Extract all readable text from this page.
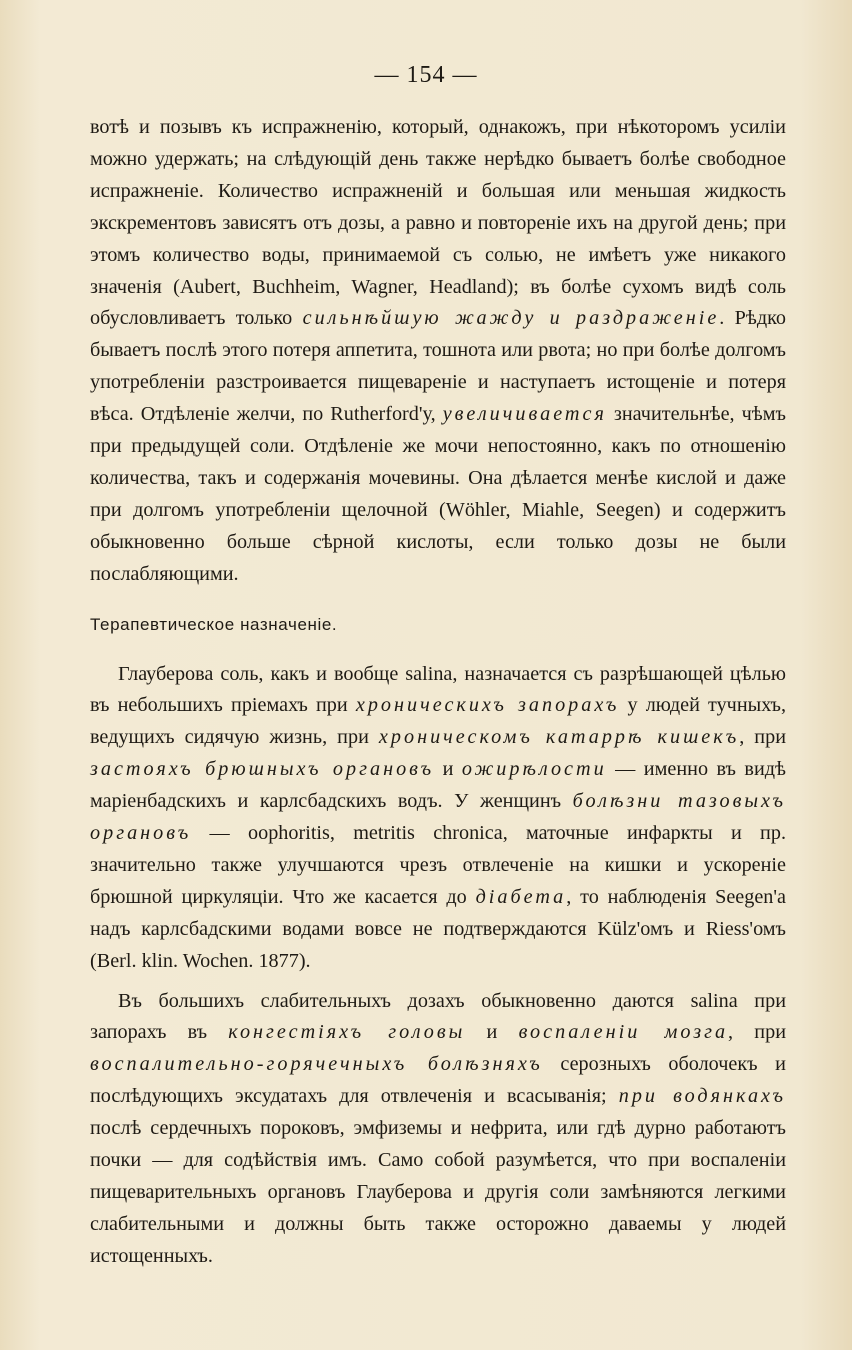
— 154 —

вотѣ и позывъ къ испражненію, который, однакожъ, при нѣкоторомъ усиліи можно удержать; на слѣдующій день также нерѣдко бываетъ болѣе свободное испражненіе. Количество испражненій и большая или меньшая жидкость экскрементовъ зависятъ отъ дозы, а равно и повтореніе ихъ на другой день; при этомъ количество воды, принимаемой съ солью, не имѣетъ уже никакого значенія (Aubert, Buchheim, Wagner, Headland); въ болѣе сухомъ видѣ соль обусловливаетъ только сильнѣйшую жажду и раздраженіе. Рѣдко бываетъ послѣ этого потеря аппетита, тошнота или рвота; но при болѣе долгомъ употребленіи разстроивается пищевареніе и наступаетъ истощеніе и потеря вѣса. Отдѣленіе желчи, по Rutherford'у, увеличивается значительнѣе, чѣмъ при предыдущей соли. Отдѣленіе же мочи непостоянно, какъ по отношенію количества, такъ и содержанія мочевины. Она дѣлается менѣе кислой и даже при долгомъ употребленіи щелочной (Wöhler, Miahle, Seegen) и содержитъ обыкновенно больше сѣрной кислоты, если только дозы не были послабляющими.

Терапевтическое назначеніе.

Глауберова соль, какъ и вообще salina, назначается съ разрѣшающей цѣлью въ небольшихъ пріемахъ при хроническихъ запорахъ у людей тучныхъ, ведущихъ сидячую жизнь, при хроническомъ катаррѣ кишекъ, при застояхъ брюшныхъ органовъ и ожирѣлости — именно въ видѣ маріенбадскихъ и карлсбадскихъ водъ. У женщинъ болѣзни тазовыхъ органовъ — oophoritis, metritis chronica, маточные инфаркты и пр. значительно также улучшаются чрезъ отвлеченіе на кишки и ускореніе брюшной циркуляціи. Что же касается до діабета, то наблюденія Seegen'а надъ карлсбадскими водами вовсе не подтверждаются Külz'омъ и Riess'омъ (Berl. klin. Wochen. 1877).

Въ большихъ слабительныхъ дозахъ обыкновенно даются salina при запорахъ въ конгестіяхъ головы и воспаленіи мозга, при воспалительно-горячечныхъ болѣзняхъ серозныхъ оболочекъ и послѣдующихъ эксудатахъ для отвлеченія и всасыванія; при водянкахъ послѣ сердечныхъ пороковъ, эмфиземы и нефрита, или гдѣ дурно работаютъ почки — для содѣйствія имъ. Само собой разумѣется, что при воспаленіи пищеварительныхъ органовъ Глауберова и другія соли замѣняются легкими слабительными и должны быть также осторожно даваемы у людей истощенныхъ.
